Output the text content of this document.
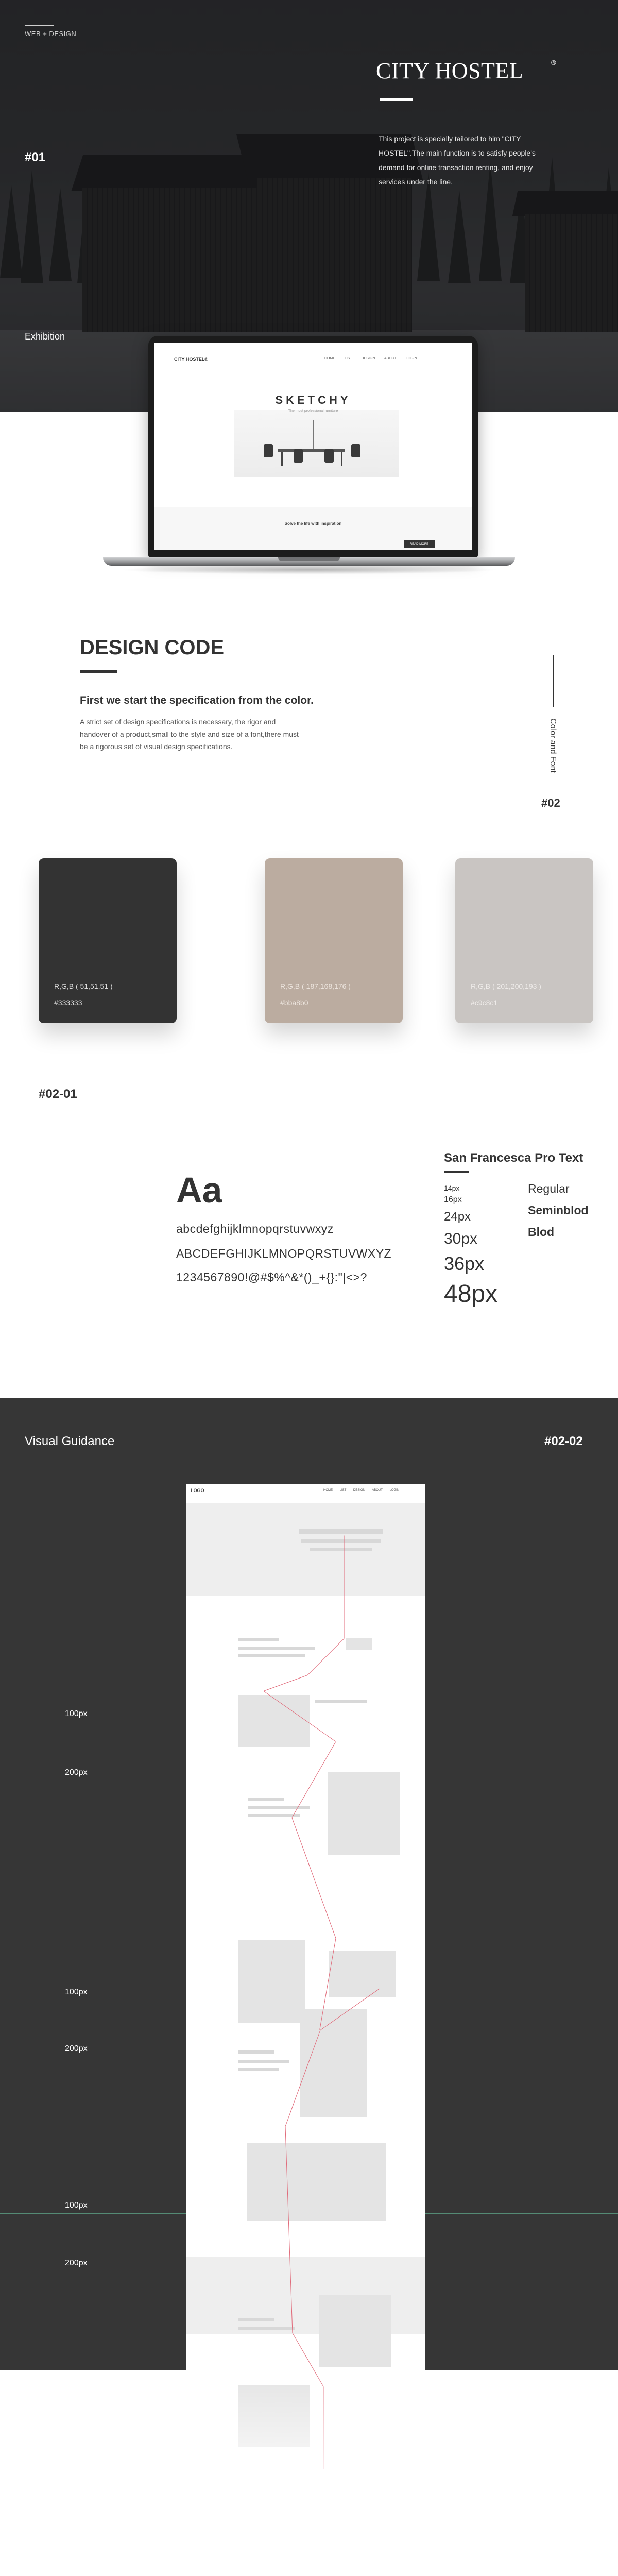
WEB + DESIGN
#01
Exhibition
CITY HOSTEL	®
This project is specially tailored to him "CITY HOSTEL".The main function is to satisfy people's demand for online transaction renting, and enjoy services under the line.
CITY HOSTEL®	HOME LIST DESIGN ABOUT LOGIN
SKETCHY
The most professional furniture
Solve the life with inspiration
READ MORE
DESIGN CODE
First we start the specification from the color.
A strict set of design specifications is necessary, the rigor and handover of a product,small to the style and size of a font,there must be a rigorous set of visual design specifications.	Color and Font
#02
R,G,B ( 51,51,51 )
#333333
R,G,B ( 187,168,176 )
#bba8b0
R,G,B ( 201,200,193 )
#c9c8c1
#02-01
Aa
abcdefghijklmnopqrstuvwxyz
ABCDEFGHIJKLMNOPQRSTUVWXYZ
1234567890!@#$%^&*()_+{}:"|<>?
San Francesca Pro Text
14px
16px
24px
30px
36px
48px
Regular
Seminblod
Blod
Visual Guidance	#02-02
100px
200px
100px
200px
100px
200px
LOGO	HOME LIST DESIGN ABOUT LOGIN
